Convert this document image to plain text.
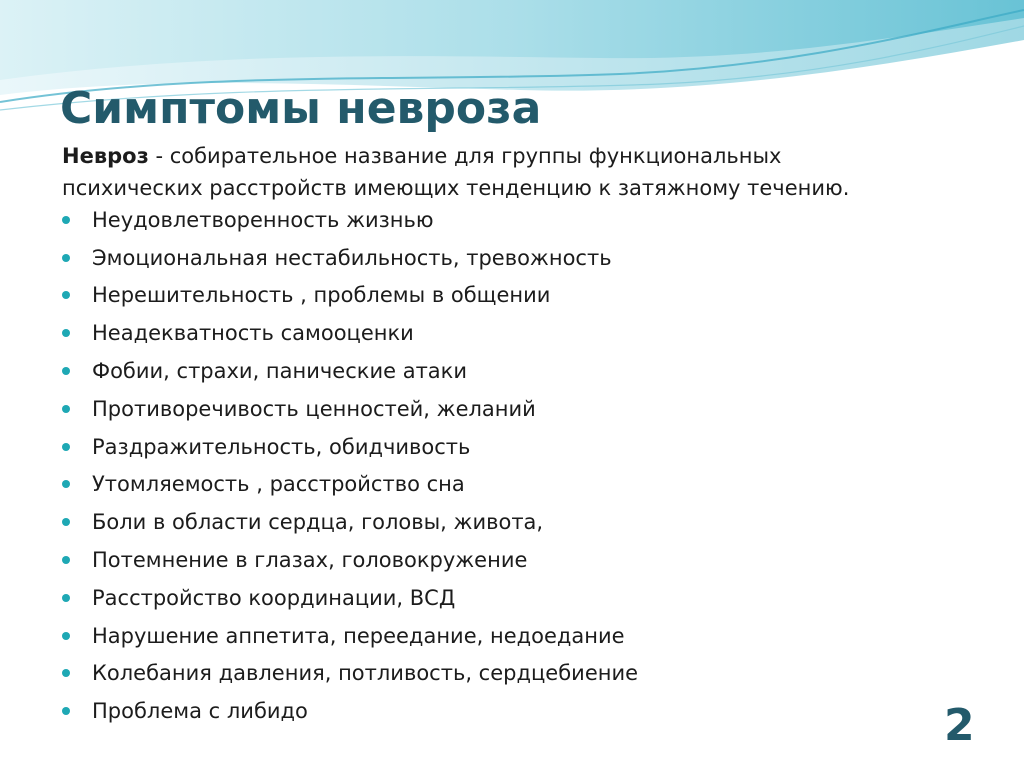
Симптомы невроза

Невроз - собирательное название для группы функциональных
психических расстройств имеющих тенденцию к затяжному течению.

Неудовлетворенность жизнью
Эмоциональная нестабильность, тревожность
Нерешительность , проблемы в общении
Неадекватность самооценки
Фобии, страхи, панические атаки
Противоречивость ценностей, желаний
Раздражительность, обидчивость
Утомляемость , расстройство сна
Боли в области сердца, головы, живота,
Потемнение в глазах, головокружение
Расстройство координации, ВСД
Нарушение аппетита, переедание, недоедание
Колебания давления, потливость, сердцебиение
Проблема с либидо	2
